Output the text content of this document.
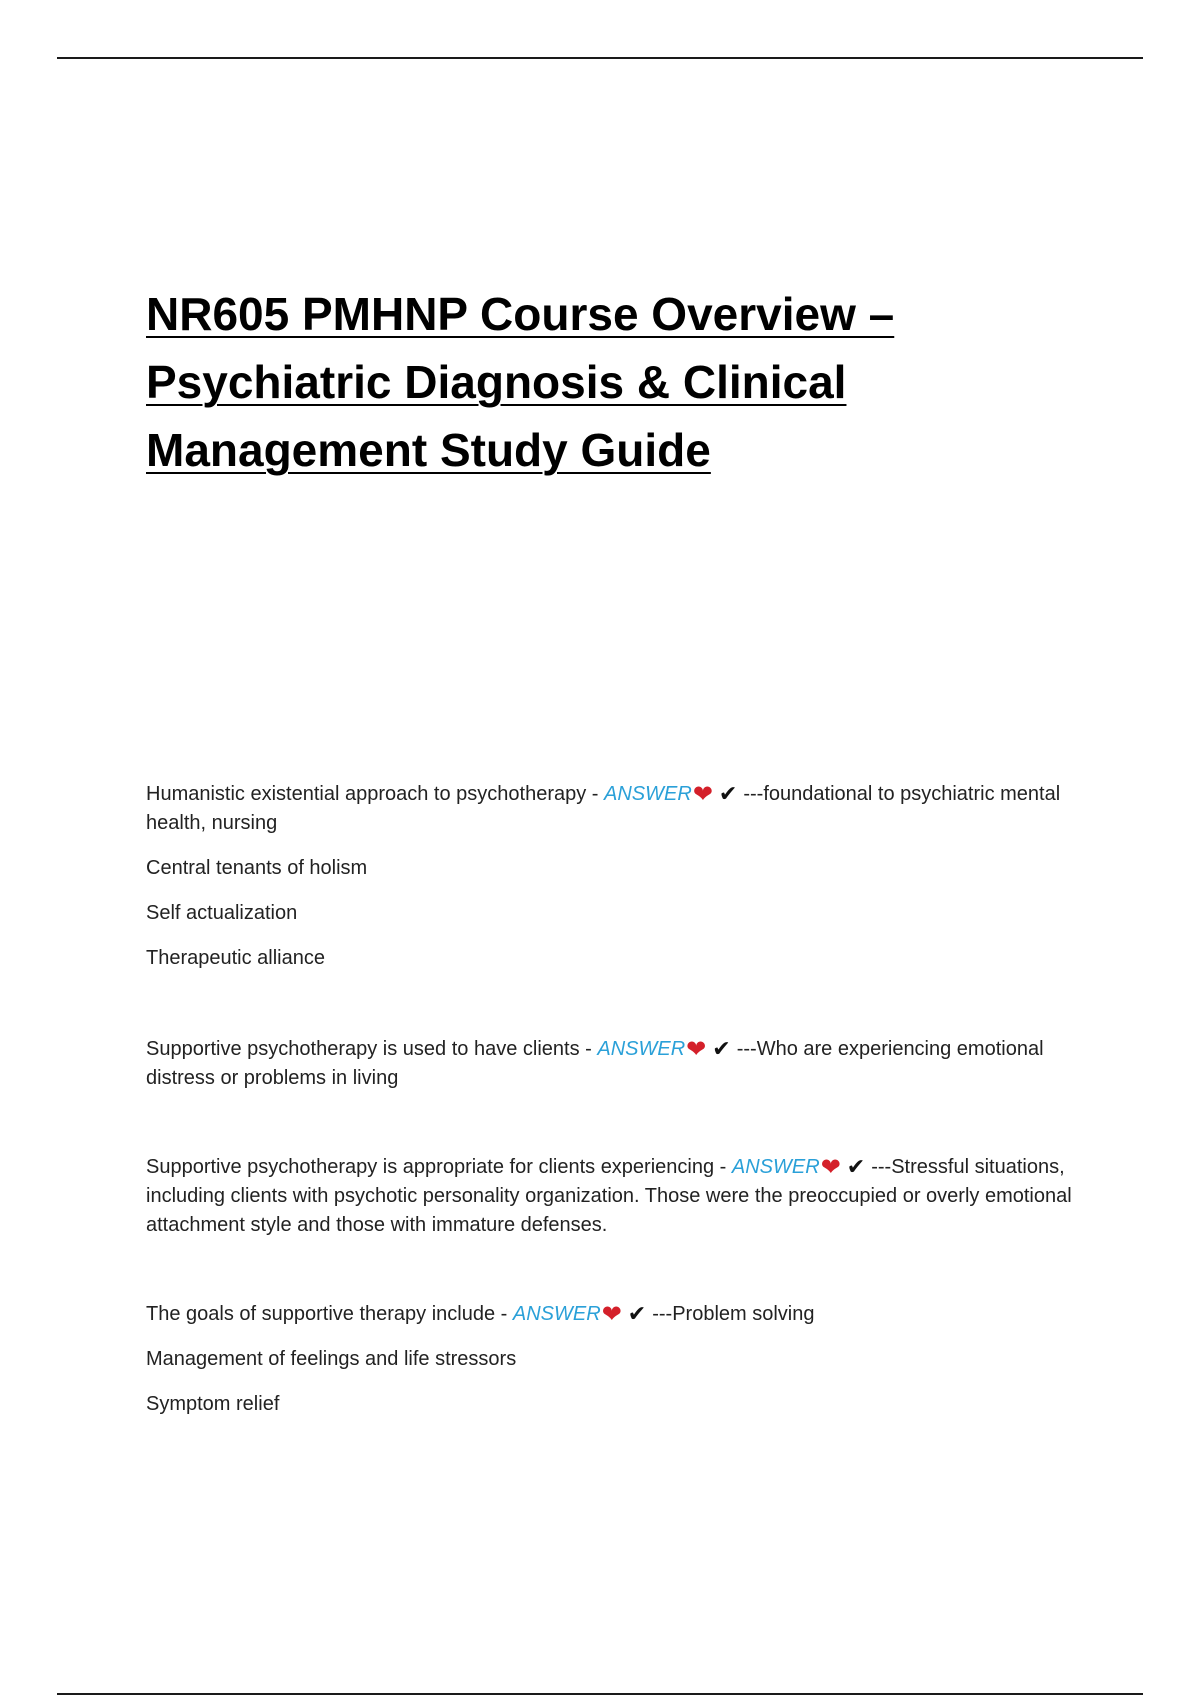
NR605 PMHNP Course Overview –
Psychiatric Diagnosis & Clinical
Management Study Guide
Humanistic existential approach to psychotherapy - ANSWER❤ ✔ ---foundational to psychiatric mental health, nursing
Central tenants of holism
Self actualization
Therapeutic alliance
Supportive psychotherapy is used to have clients - ANSWER❤ ✔ ---Who are experiencing emotional distress or problems in living
Supportive psychotherapy is appropriate for clients experiencing - ANSWER❤ ✔ ---Stressful situations, including clients with psychotic personality organization. Those were the preoccupied or overly emotional attachment style and those with immature defenses.
The goals of supportive therapy include - ANSWER❤ ✔ ---Problem solving
Management of feelings and life stressors
Symptom relief
